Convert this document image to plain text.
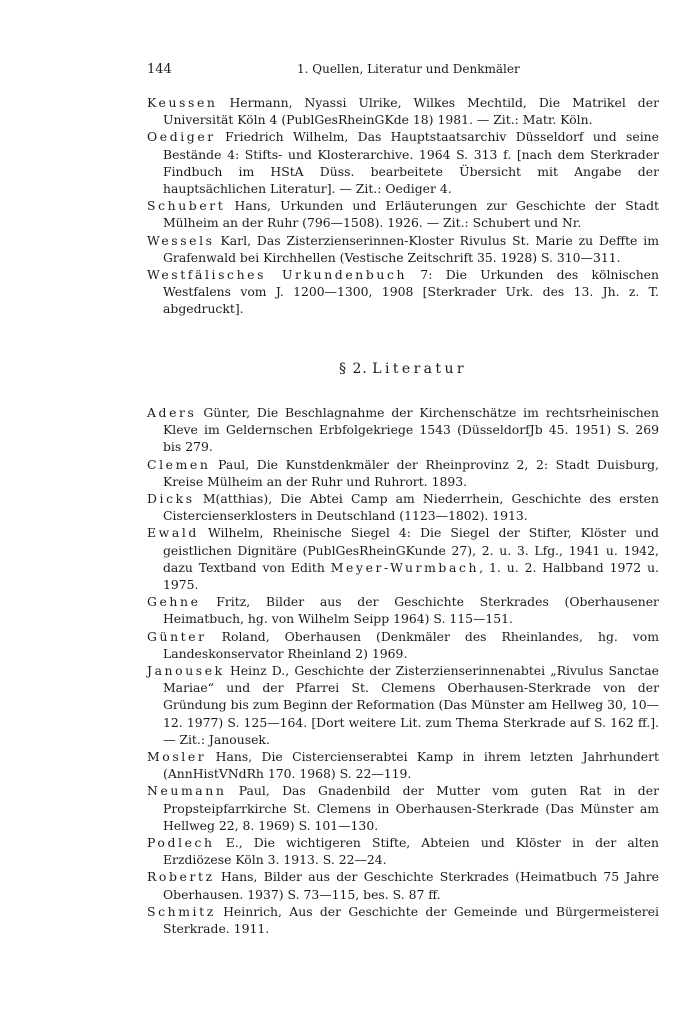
144	1. Quellen, Literatur und Denkmäler

Keussen Hermann, Nyassi Ulrike, Wilkes Mechtild, Die Matrikel der Universität Köln 4 (PublGesRheinGKde 18) 1981. — Zit.: Matr. Köln.

Oediger Friedrich Wilhelm, Das Hauptstaatsarchiv Düsseldorf und seine Bestände 4: Stifts- und Klosterarchive. 1964 S. 313 f. [nach dem Sterkrader Findbuch im HStA Düss. bearbeitete Übersicht mit Angabe der hauptsächlichen Literatur]. — Zit.: Oediger 4.

Schubert Hans, Urkunden und Erläuterungen zur Geschichte der Stadt Mülheim an der Ruhr (796—1508). 1926. — Zit.: Schubert und Nr.

Wessels Karl, Das Zisterzienserinnen-Kloster Rivulus St. Marie zu Deffte im Grafenwald bei Kirchhellen (Vestische Zeitschrift 35. 1928) S. 310—311.

Westfälisches Urkundenbuch 7: Die Urkunden des kölnischen Westfalens vom J. 1200—1300, 1908 [Sterkrader Urk. des 13. Jh. z. T. abgedruckt].

§ 2. Literatur

Aders Günter, Die Beschlagnahme der Kirchenschätze im rechtsrheinischen Kleve im Geldernschen Erbfolgekriege 1543 (DüsseldorfJb 45. 1951) S. 269 bis 279.

Clemen Paul, Die Kunstdenkmäler der Rheinprovinz 2, 2: Stadt Duisburg, Kreise Mülheim an der Ruhr und Ruhrort. 1893.

Dicks M(atthias), Die Abtei Camp am Niederrhein, Geschichte des ersten Cistercienserklosters in Deutschland (1123—1802). 1913.

Ewald Wilhelm, Rheinische Siegel 4: Die Siegel der Stifter, Klöster und geistlichen Dignitäre (PublGesRheinGKunde 27), 2. u. 3. Lfg., 1941 u. 1942, dazu Textband von Edith Meyer-Wurmbach, 1. u. 2. Halbband 1972 u. 1975.

Gehne Fritz, Bilder aus der Geschichte Sterkrades (Oberhausener Heimatbuch, hg. von Wilhelm Seipp 1964) S. 115—151.

Günter Roland, Oberhausen (Denkmäler des Rheinlandes, hg. vom Landeskonservator Rheinland 2) 1969.

Janousek Heinz D., Geschichte der Zisterzienserinnenabtei „Rivulus Sanctae Mariae“ und der Pfarrei St. Clemens Oberhausen-Sterkrade von der Gründung bis zum Beginn der Reformation (Das Münster am Hellweg 30, 10—12. 1977) S. 125—164. [Dort weitere Lit. zum Thema Sterkrade auf S. 162 ff.]. — Zit.: Janousek.

Mosler Hans, Die Cistercienserabtei Kamp in ihrem letzten Jahrhundert (AnnHistVNdRh 170. 1968) S. 22—119.

Neumann Paul, Das Gnadenbild der Mutter vom guten Rat in der Propsteipfarrkirche St. Clemens in Oberhausen-Sterkrade (Das Münster am Hellweg 22, 8. 1969) S. 101—130.

Podlech E., Die wichtigeren Stifte, Abteien und Klöster in der alten Erzdiözese Köln 3. 1913. S. 22—24.

Robertz Hans, Bilder aus der Geschichte Sterkrades (Heimatbuch 75 Jahre Oberhausen. 1937) S. 73—115, bes. S. 87 ff.

Schmitz Heinrich, Aus der Geschichte der Gemeinde und Bürgermeisterei Sterkrade. 1911.
